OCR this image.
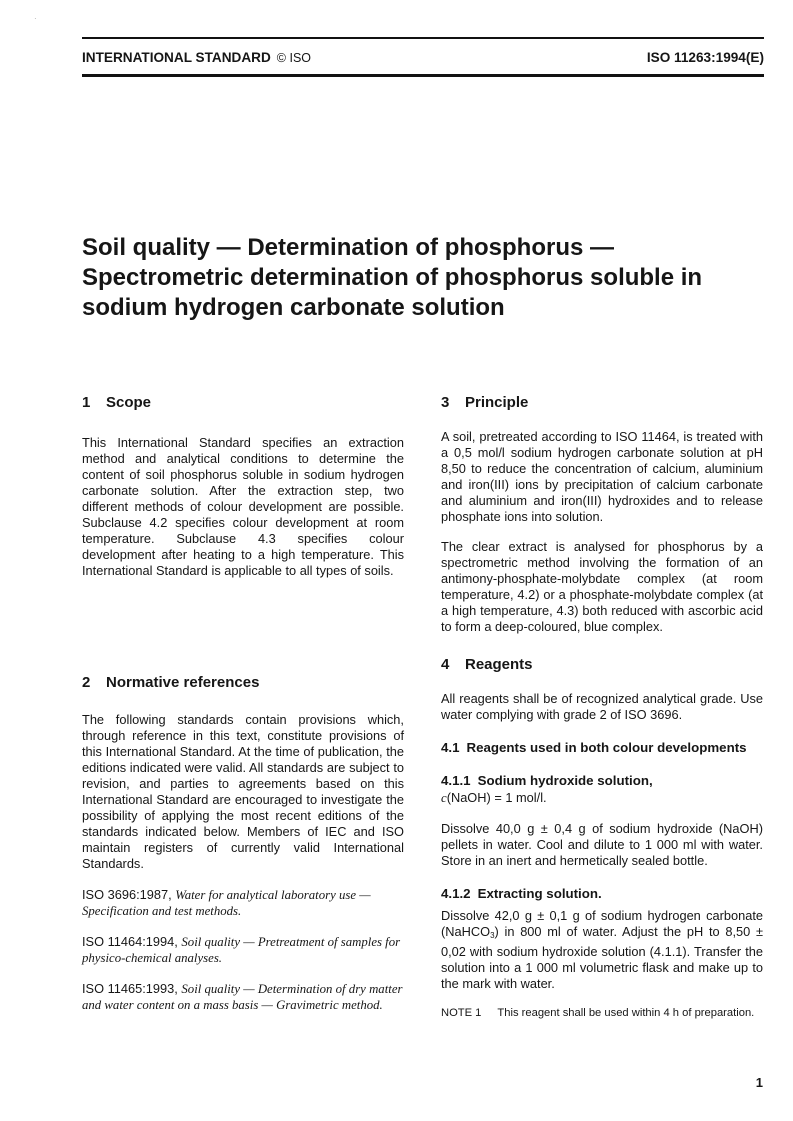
·
INTERNATIONAL STANDARD © ISO	ISO 11263:1994(E)
Soil quality — Determination of phosphorus —
Spectrometric determination of phosphorus soluble in
sodium hydrogen carbonate solution
1 Scope

This International Standard specifies an extraction method and analytical conditions to determine the content of soil phosphorus soluble in sodium hydrogen carbonate solution. After the extraction step, two different methods of colour development are possible. Subclause 4.2 specifies colour development at room temperature. Subclause 4.3 specifies colour development after heating to a high temperature. This International Standard is applicable to all types of soils.

2 Normative references

The following standards contain provisions which, through reference in this text, constitute provisions of this International Standard. At the time of publication, the editions indicated were valid. All standards are subject to revision, and parties to agreements based on this International Standard are encouraged to investigate the possibility of applying the most recent editions of the standards indicated below. Members of IEC and ISO maintain registers of currently valid International Standards.

ISO 3696:1987, Water for analytical laboratory use — Specification and test methods.

ISO 11464:1994, Soil quality — Pretreatment of samples for physico-chemical analyses.

ISO 11465:1993, Soil quality — Determination of dry matter and water content on a mass basis — Gravimetric method.

3 Principle

A soil, pretreated according to ISO 11464, is treated with a 0,5 mol/l sodium hydrogen carbonate solution at pH 8,50 to reduce the concentration of calcium, aluminium and iron(III) ions by precipitation of calcium carbonate and aluminium and iron(III) hydroxides and to release phosphate ions into solution.

The clear extract is analysed for phosphorus by a spectrometric method involving the formation of an antimony-phosphate-molybdate complex (at room temperature, 4.2) or a phosphate-molybdate complex (at a high temperature, 4.3) both reduced with ascorbic acid to form a deep-coloured, blue complex.

4 Reagents

All reagents shall be of recognized analytical grade. Use water complying with grade 2 of ISO 3696.

4.1 Reagents used in both colour developments
4.1.1 Sodium hydroxide solution,

c(NaOH) = 1 mol/l.

Dissolve 40,0 g ± 0,4 g of sodium hydroxide (NaOH) pellets in water. Cool and dilute to 1 000 ml with water. Store in an inert and hermetically sealed bottle.

4.1.2 Extracting solution.

Dissolve 42,0 g ± 0,1 g of sodium hydrogen carbonate (NaHCO$_3$) in 800 ml of water. Adjust the pH to 8,50 ± 0,02 with sodium hydroxide solution (4.1.1). Transfer the solution into a 1 000 ml volumetric flask and make up to the mark with water.

NOTE 1 This reagent shall be used within 4 h of preparation.

1
